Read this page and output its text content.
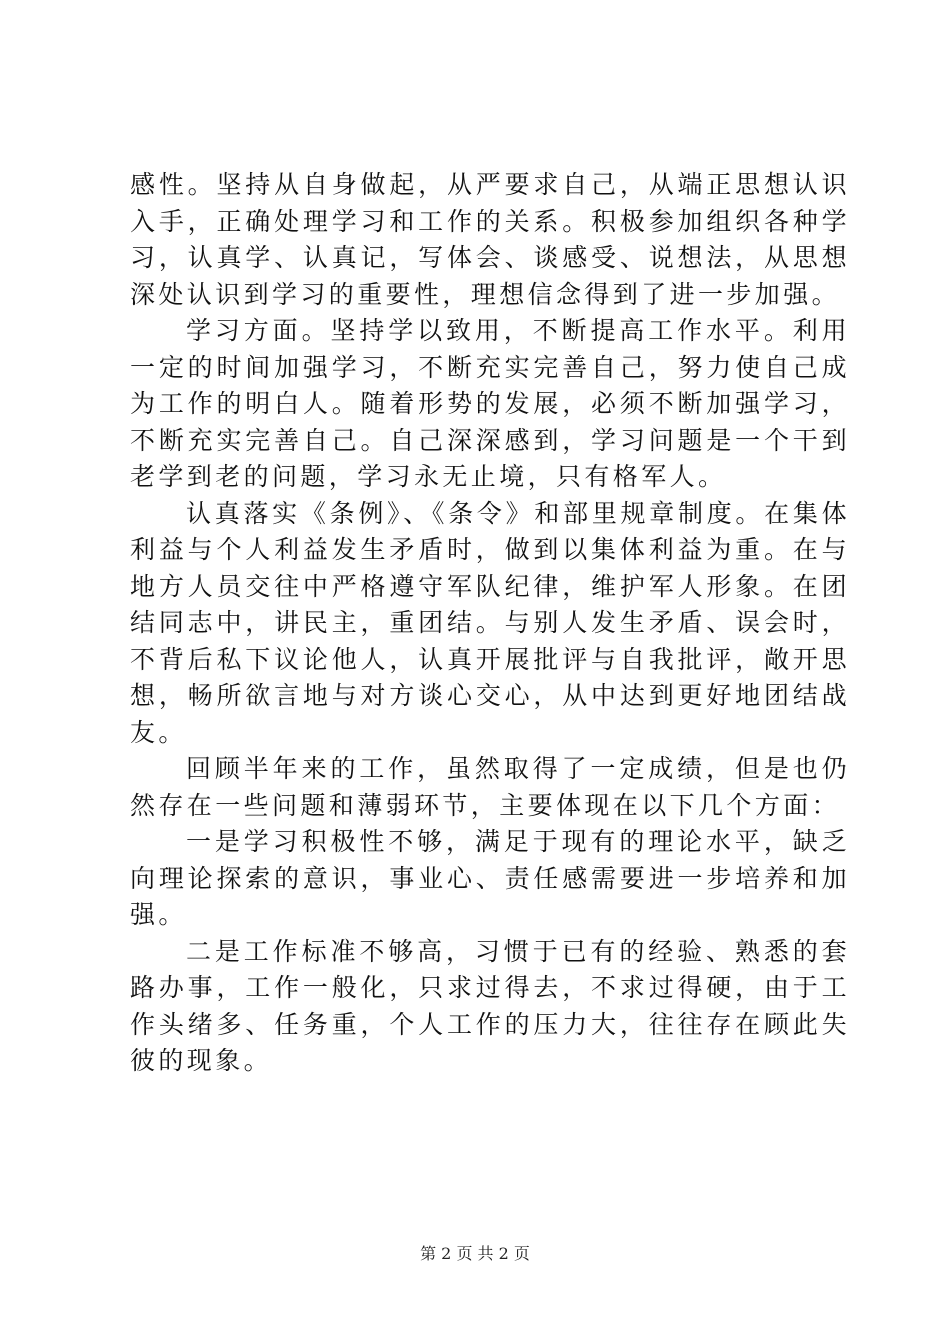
感性。坚持从自身做起，从严要求自己，从端正思想认识入手，正确处理学习和工作的关系。积极参加组织各种学习，认真学、认真记，写体会、谈感受、说想法，从思想深处认识到学习的重要性，理想信念得到了进一步加强。

学习方面。坚持学以致用，不断提高工作水平。利用一定的时间加强学习，不断充实完善自己，努力使自己成为工作的明白人。随着形势的发展，必须不断加强学习，不断充实完善自己。自己深深感到，学习问题是一个干到老学到老的问题，学习永无止境，只有格军人。

认真落实《条例》、《条令》和部里规章制度。在集体利益与个人利益发生矛盾时，做到以集体利益为重。在与地方人员交往中严格遵守军队纪律，维护军人形象。在团结同志中，讲民主，重团结。与别人发生矛盾、误会时，不背后私下议论他人，认真开展批评与自我批评，敞开思想，畅所欲言地与对方谈心交心，从中达到更好地团结战友。

回顾半年来的工作，虽然取得了一定成绩，但是也仍然存在一些问题和薄弱环节，主要体现在以下几个方面：

一是学习积极性不够，满足于现有的理论水平，缺乏向理论探索的意识，事业心、责任感需要进一步培养和加强。

二是工作标准不够高，习惯于已有的经验、熟悉的套路办事，工作一般化，只求过得去，不求过得硬，由于工作头绪多、任务重，个人工作的压力大，往往存在顾此失彼的现象。

第 2 页 共 2 页
